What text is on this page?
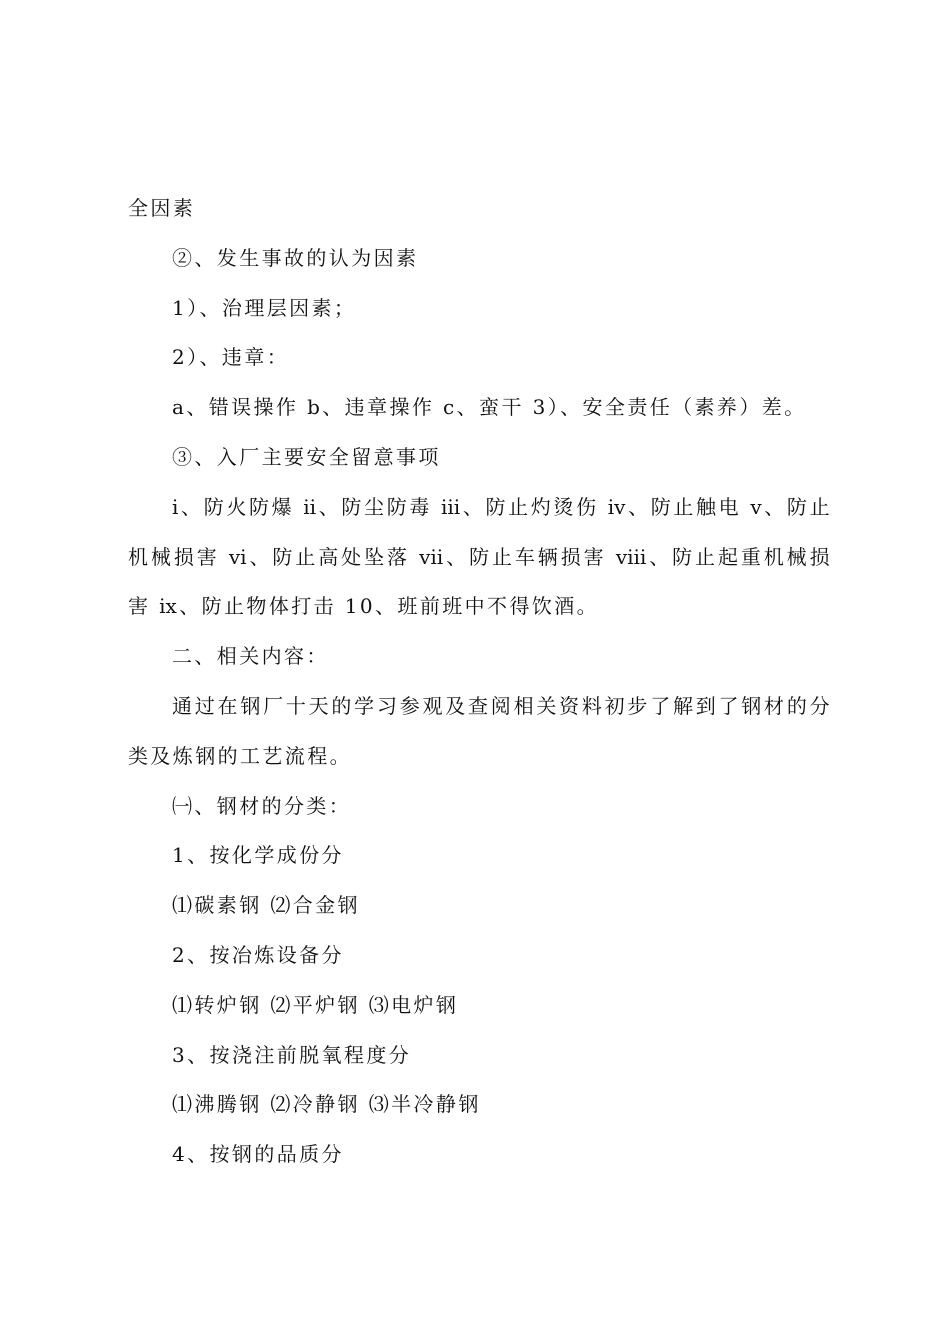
全因素

②、发生事故的认为因素

1）、治理层因素；

2）、违章：

a、错误操作 b、违章操作 c、蛮干 3）、安全责任（素养）差。

③、入厂主要安全留意事项

ⅰ、防火防爆 ⅱ、防尘防毒 ⅲ、防止灼烫伤 ⅳ、防止触电 ⅴ、防止机械损害 ⅵ、防止高处坠落 ⅶ、防止车辆损害 ⅷ、防止起重机械损害 ⅸ、防止物体打击 10、班前班中不得饮酒。

二、相关内容：

通过在钢厂十天的学习参观及查阅相关资料初步了解到了钢材的分类及炼钢的工艺流程。

㈠、钢材的分类：

1、按化学成份分

⑴碳素钢 ⑵合金钢

2、按冶炼设备分

⑴转炉钢 ⑵平炉钢 ⑶电炉钢

3、按浇注前脱氧程度分

⑴沸腾钢 ⑵冷静钢 ⑶半冷静钢

4、按钢的品质分
